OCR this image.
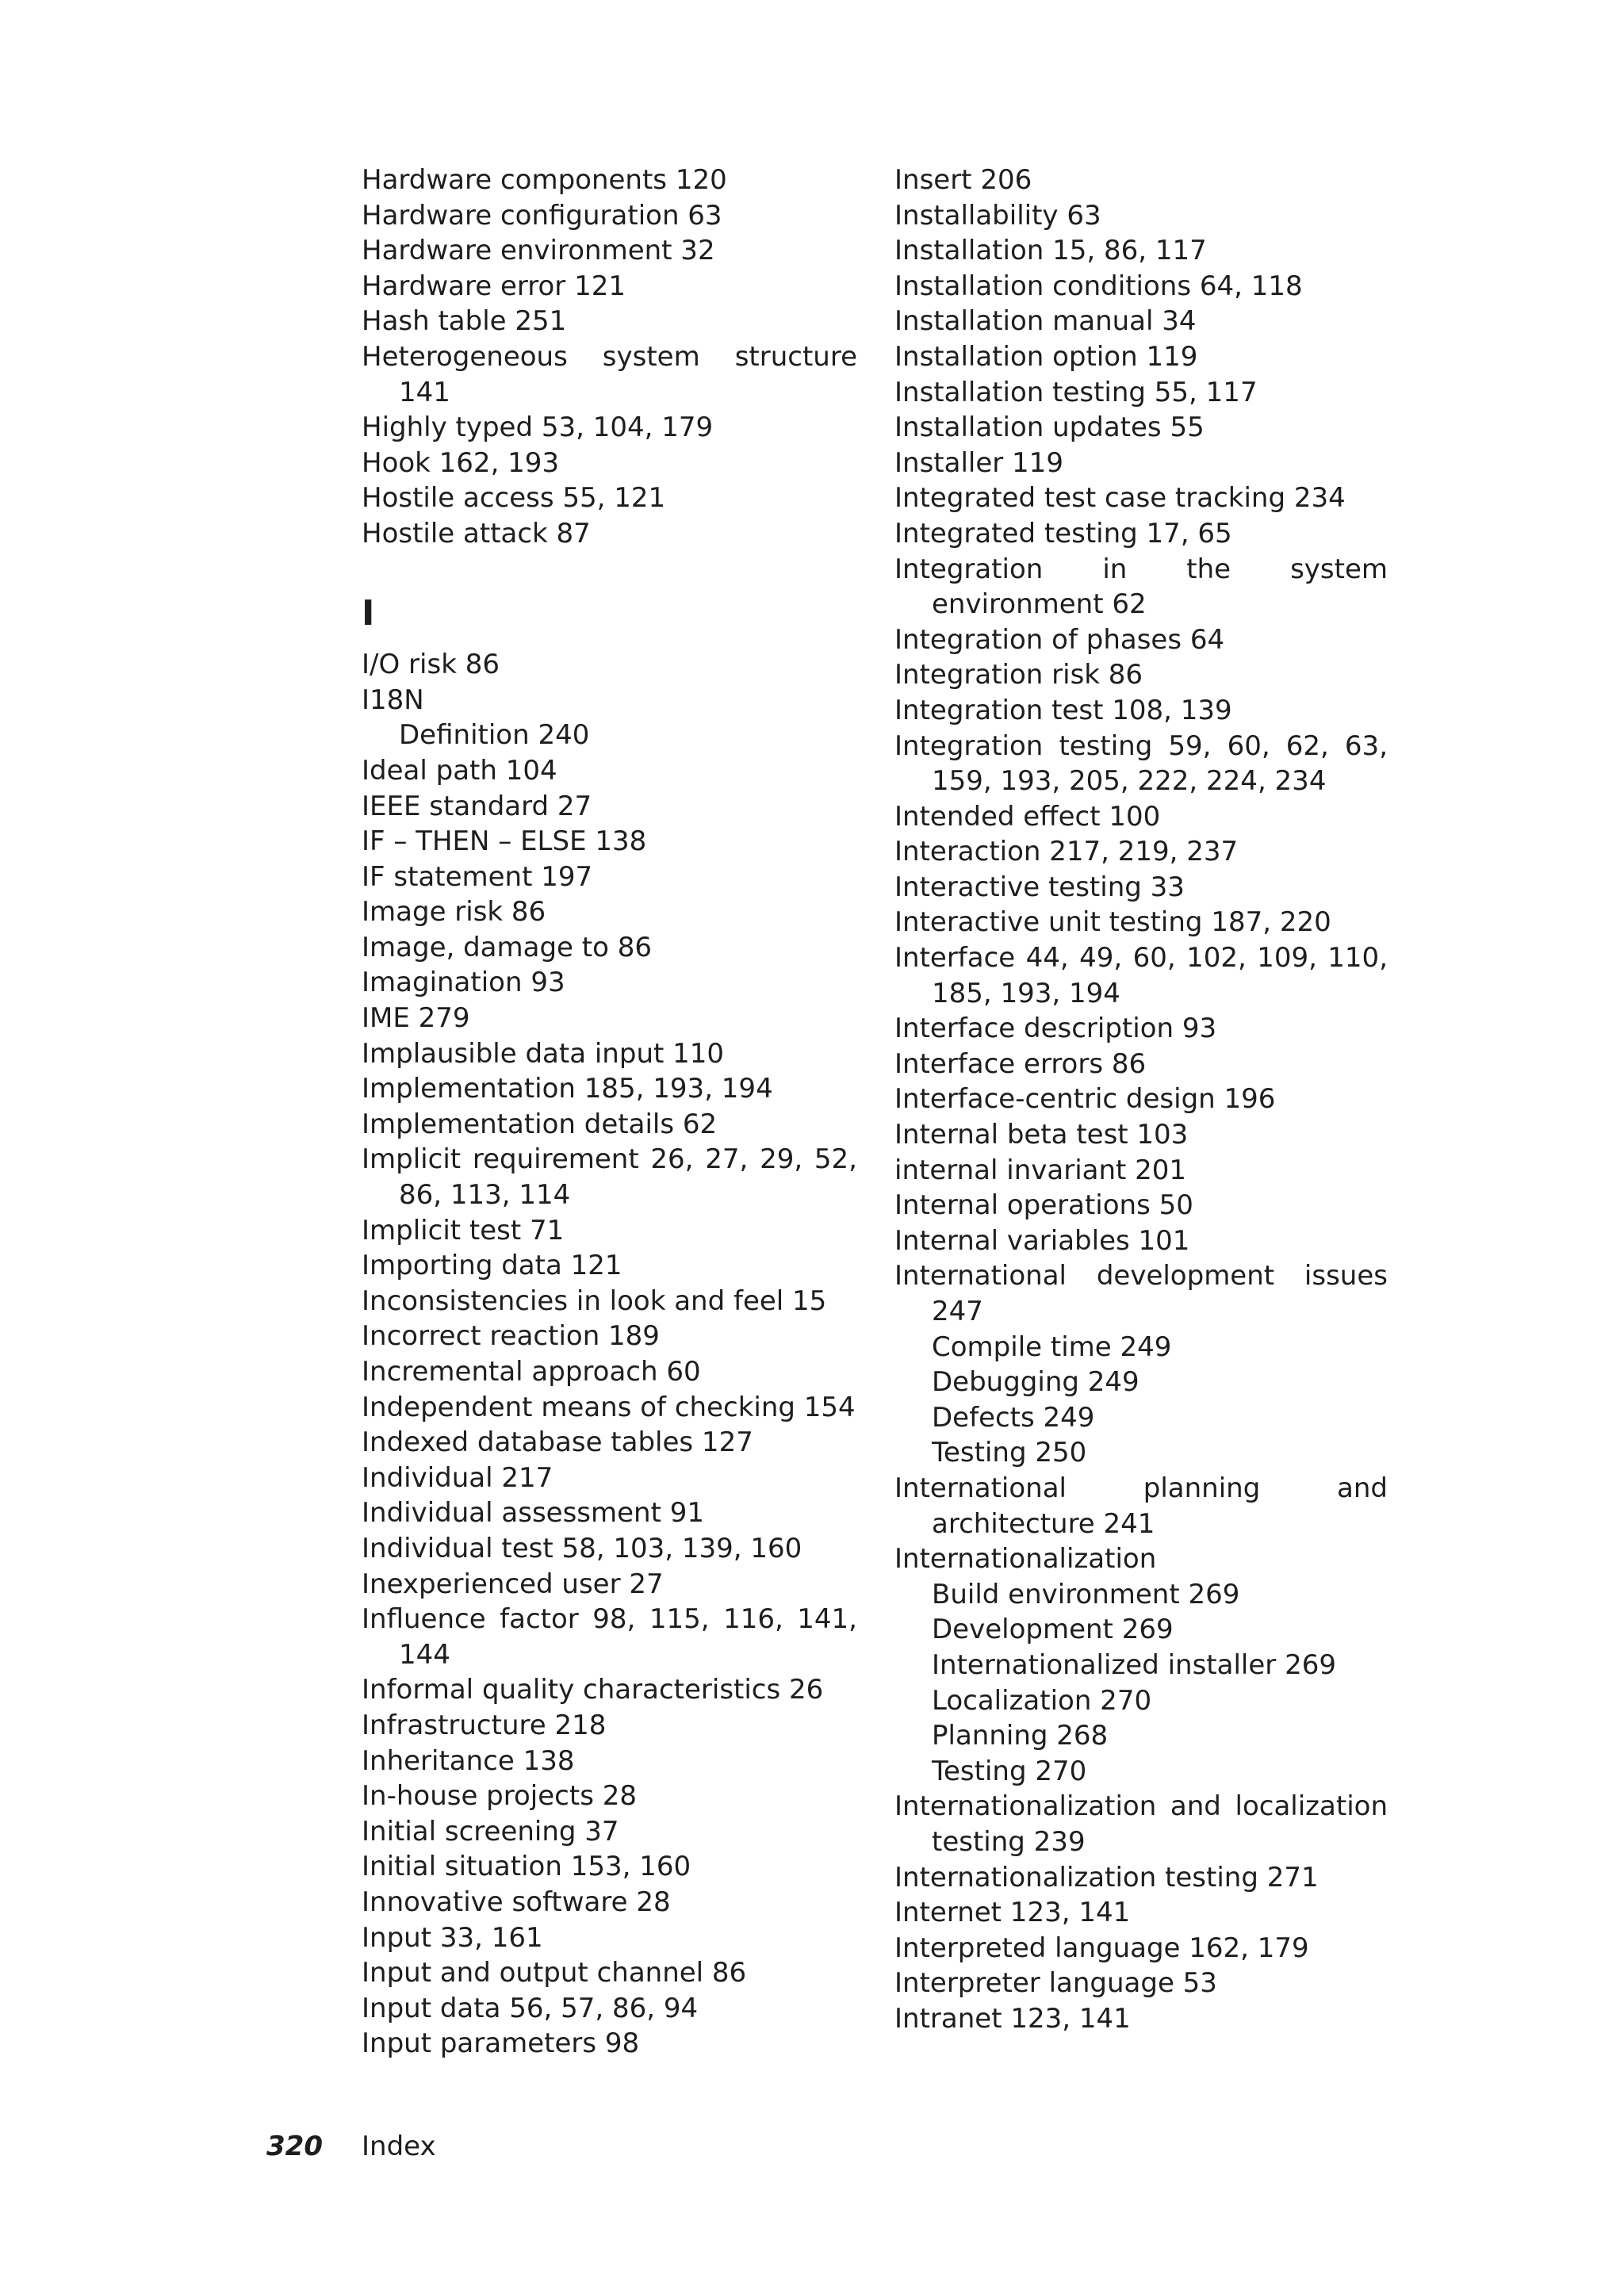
Hardware components 120
Hardware configuration 63
Hardware environment 32
Hardware error 121
Hash table 251
Heterogeneous system structure 141
Highly typed 53, 104, 179
Hook 162, 193
Hostile access 55, 121
Hostile attack 87
I
I/O risk 86
I18N
Definition 240
Ideal path 104
IEEE standard 27
IF – THEN – ELSE 138
IF statement 197
Image risk 86
Image, damage to 86
Imagination 93
IME 279
Implausible data input 110
Implementation 185, 193, 194
Implementation details 62
Implicit requirement 26, 27, 29, 52, 86, 113, 114
Implicit test 71
Importing data 121
Inconsistencies in look and feel 15
Incorrect reaction 189
Incremental approach 60
Independent means of checking 154
Indexed database tables 127
Individual 217
Individual assessment 91
Individual test 58, 103, 139, 160
Inexperienced user 27
Influence factor 98, 115, 116, 141, 144
Informal quality characteristics 26
Infrastructure 218
Inheritance 138
In-house projects 28
Initial screening 37
Initial situation 153, 160
Innovative software 28
Input 33, 161
Input and output channel 86
Input data 56, 57, 86, 94
Input parameters 98
Insert 206
Installability 63
Installation 15, 86, 117
Installation conditions 64, 118
Installation manual 34
Installation option 119
Installation testing 55, 117
Installation updates 55
Installer 119
Integrated test case tracking 234
Integrated testing 17, 65
Integration in the system environment 62
Integration of phases 64
Integration risk 86
Integration test 108, 139
Integration testing 59, 60, 62, 63, 159, 193, 205, 222, 224, 234
Intended effect 100
Interaction 217, 219, 237
Interactive testing 33
Interactive unit testing 187, 220
Interface 44, 49, 60, 102, 109, 110, 185, 193, 194
Interface description 93
Interface errors 86
Interface-centric design 196
Internal beta test 103
internal invariant 201
Internal operations 50
Internal variables 101
International development issues 247
Compile time 249
Debugging 249
Defects 249
Testing 250
International planning and architecture 241
Internationalization
Build environment 269
Development 269
Internationalized installer 269
Localization 270
Planning 268
Testing 270
Internationalization and localization testing 239
Internationalization testing 271
Internet 123, 141
Interpreted language 162, 179
Interpreter language 53
Intranet 123, 141
320 Index
